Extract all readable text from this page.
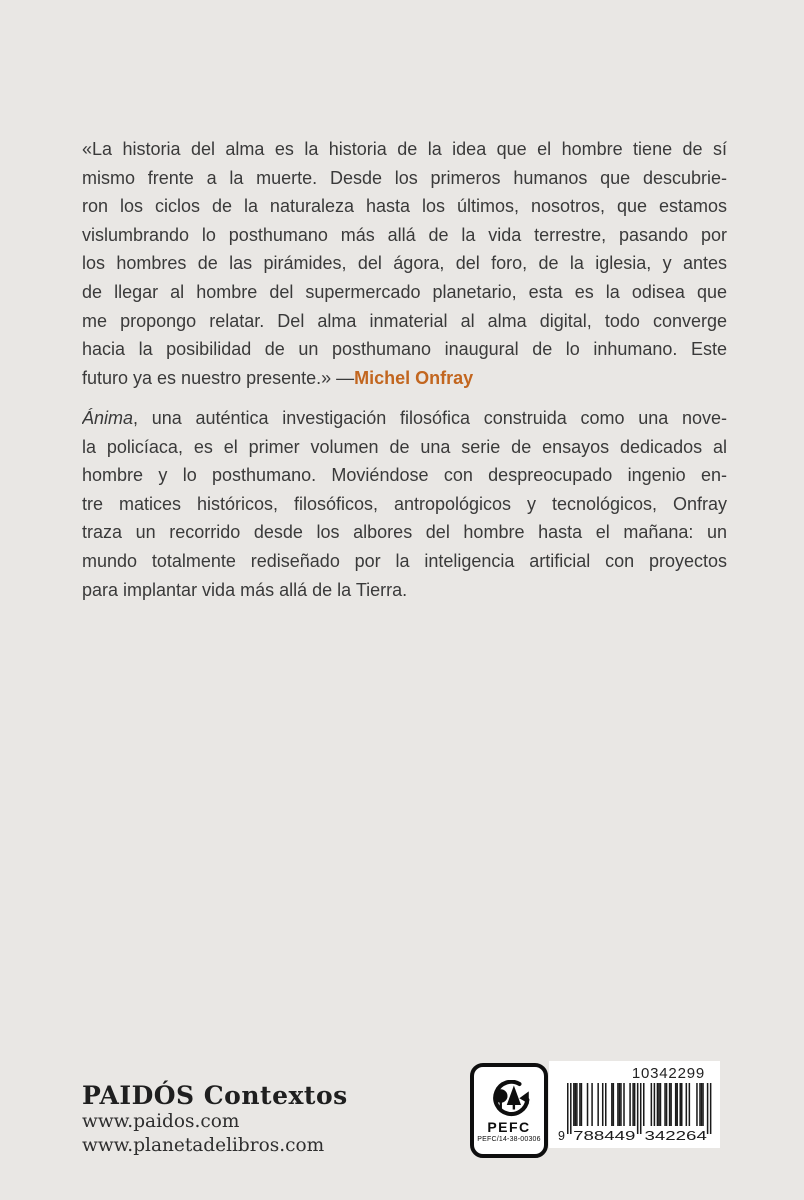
«La historia del alma es la historia de la idea que el hombre tiene de sí
mismo frente a la muerte. Desde los primeros humanos que descubrie-
ron los ciclos de la naturaleza hasta los últimos, nosotros, que estamos
vislumbrando lo posthumano más allá de la vida terrestre, pasando por
los hombres de las pirámides, del ágora, del foro, de la iglesia, y antes
de llegar al hombre del supermercado planetario, esta es la odisea que
me propongo relatar. Del alma inmaterial al alma digital, todo converge
hacia la posibilidad de un posthumano inaugural de lo inhumano. Este
futuro ya es nuestro presente.» —Michel Onfray
Ánima, una auténtica investigación filosófica construida como una nove-
la policíaca, es el primer volumen de una serie de ensayos dedicados al
hombre y lo posthumano. Moviéndose con despreocupado ingenio en-
tre matices históricos, filosóficos, antropológicos y tecnológicos, Onfray
traza un recorrido desde los albores del hombre hasta el mañana: un
mundo totalmente rediseñado por la inteligencia artificial con proyectos
para implantar vida más allá de la Tierra.
PAIDÓS Contextos
www.paidos.com
www.planetadelibros.com
PEFC
PEFC/14-38-00306
10342299
9 788449 342264
